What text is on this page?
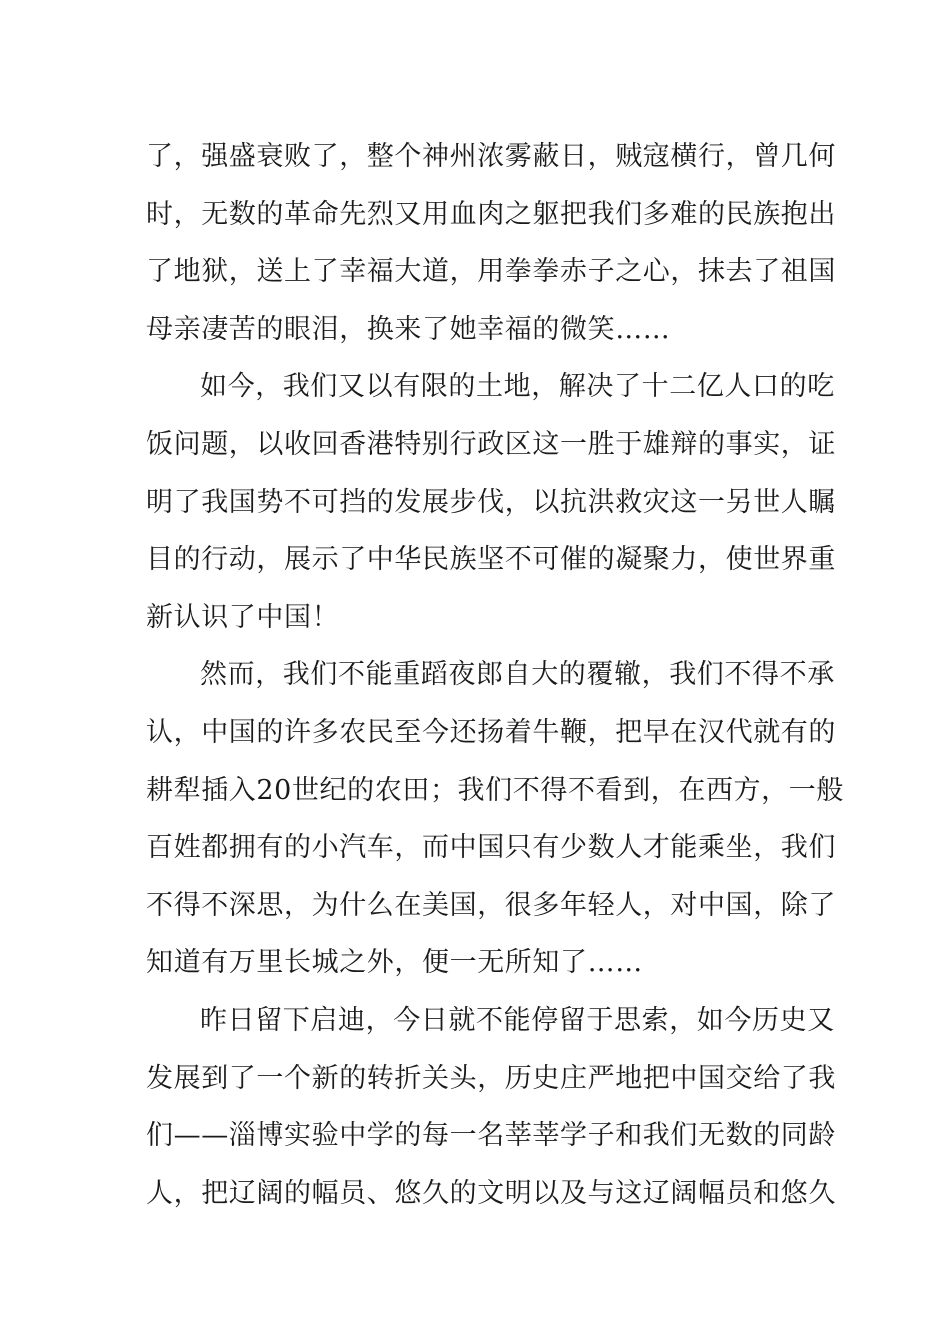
了，强盛衰败了，整个神州浓雾蔽日，贼寇横行，曾几何
时，无数的革命先烈又用血肉之躯把我们多难的民族抱出
了地狱，送上了幸福大道，用拳拳赤子之心，抹去了祖国
母亲凄苦的眼泪，换来了她幸福的微笑……
如今，我们又以有限的土地，解决了十二亿人口的吃
饭问题，以收回香港特别行政区这一胜于雄辩的事实，证
明了我国势不可挡的发展步伐，以抗洪救灾这一另世人瞩
目的行动，展示了中华民族坚不可催的凝聚力，使世界重
新认识了中国！
然而，我们不能重蹈夜郎自大的覆辙，我们不得不承
认，中国的许多农民至今还扬着牛鞭，把早在汉代就有的
耕犁插入20世纪的农田；我们不得不看到，在西方，一般
百姓都拥有的小汽车，而中国只有少数人才能乘坐，我们
不得不深思，为什么在美国，很多年轻人，对中国，除了
知道有万里长城之外，便一无所知了……
昨日留下启迪，今日就不能停留于思索，如今历史又
发展到了一个新的转折关头，历史庄严地把中国交给了我
们——淄博实验中学的每一名莘莘学子和我们无数的同龄
人，把辽阔的幅员、悠久的文明以及与这辽阔幅员和悠久
